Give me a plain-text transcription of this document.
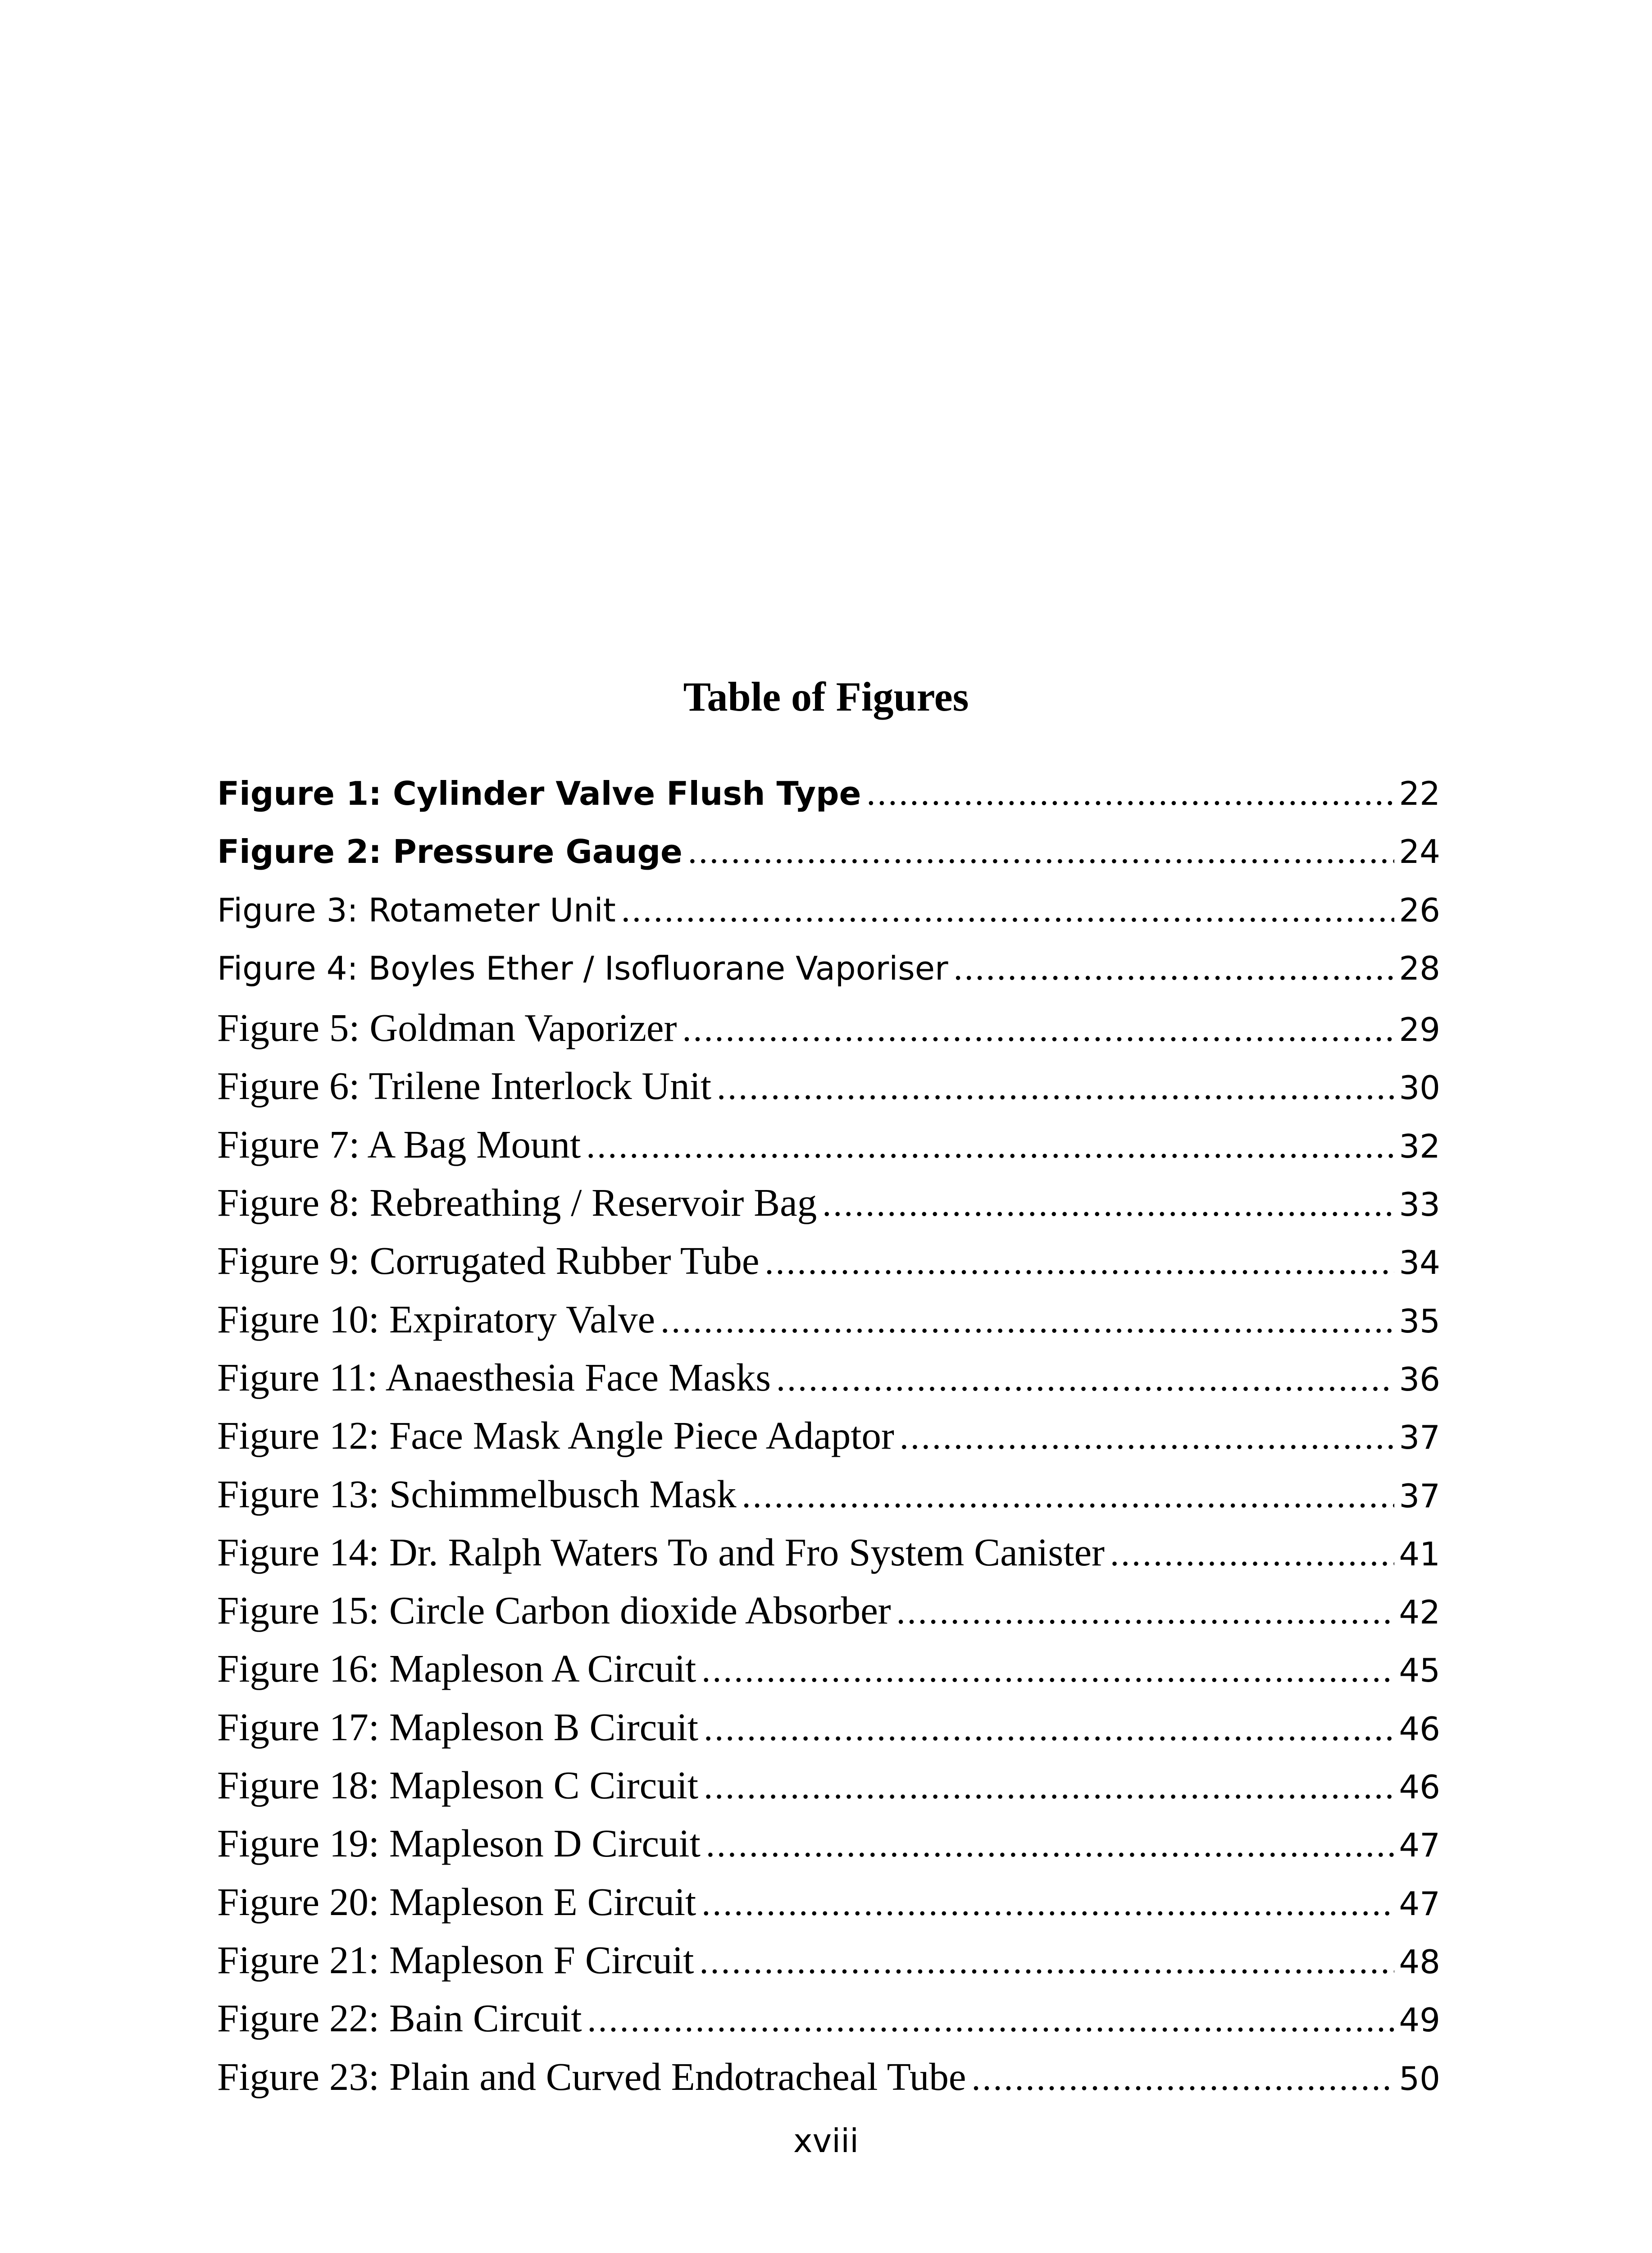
Table of Figures
Figure 1: Cylinder Valve Flush Type .....	22
Figure 2: Pressure Gauge .....	24
Figure 3: Rotameter Unit .....	26
Figure 4: Boyles Ether / Isofluorane Vaporiser .....	28
Figure 5: Goldman Vaporizer .....	29
Figure 6: Trilene Interlock Unit .....	30
Figure 7: A Bag Mount .....	32
Figure 8: Rebreathing / Reservoir Bag .....	33
Figure 9: Corrugated Rubber Tube .....	34
Figure 10: Expiratory Valve .....	35
Figure 11: Anaesthesia Face Masks .....	36
Figure 12: Face Mask Angle Piece Adaptor .....	37
Figure 13: Schimmelbusch Mask .....	37
Figure 14: Dr. Ralph Waters To and Fro System Canister .....	41
Figure 15: Circle Carbon dioxide Absorber .....	42
Figure 16: Mapleson A Circuit .....	45
Figure 17: Mapleson B Circuit .....	46
Figure 18: Mapleson C Circuit .....	46
Figure 19: Mapleson D Circuit .....	47
Figure 20: Mapleson E Circuit .....	47
Figure 21: Mapleson F Circuit .....	48
Figure 22: Bain Circuit .....	49
Figure 23: Plain and Curved Endotracheal Tube .....	50
xviii
